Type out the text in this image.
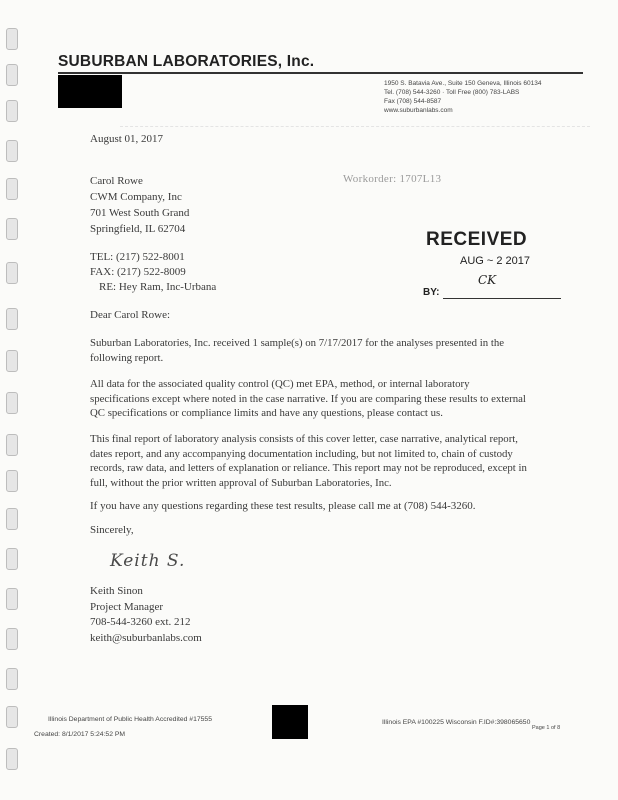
SUBURBAN LABORATORIES, Inc.
1950 S. Batavia Ave., Suite 150 Geneva, Illinois 60134
Tel. (708) 544-3260 · Toll Free (800) 783-LABS
Fax (708) 544-8587
www.suburbanlabs.com
August 01, 2017
Carol Rowe
CWM Company, Inc
701 West South Grand
Springfield, IL 62704
Workorder: 1707L13
TEL: (217) 522-8001
FAX: (217) 522-8009
RE: Hey Ram, Inc-Urbana
RECEIVED
AUG ~ 2 2017
CK
BY:
Dear Carol Rowe:
Suburban Laboratories, Inc. received 1 sample(s) on 7/17/2017 for the analyses presented in the following report.
All data for the associated quality control (QC) met EPA, method, or internal laboratory specifications except where noted in the case narrative. If you are comparing these results to external QC specifications or compliance limits and have any questions, please contact us.
This final report of laboratory analysis consists of this cover letter, case narrative, analytical report, dates report, and any accompanying documentation including, but not limited to, chain of custody records, raw data, and letters of explanation or reliance. This report may not be reproduced, except in full, without the prior written approval of Suburban Laboratories, Inc.
If you have any questions regarding these test results, please call me at (708) 544-3260.
Sincerely,
Keith S.
Keith Sinon
Project Manager
708-544-3260 ext. 212
keith@suburbanlabs.com
Illinois Department of Public Health Accredited #17555
Created: 8/1/2017 5:24:52 PM
Illinois EPA #100225 Wisconsin F.ID#:398065650
Page 1 of 8
